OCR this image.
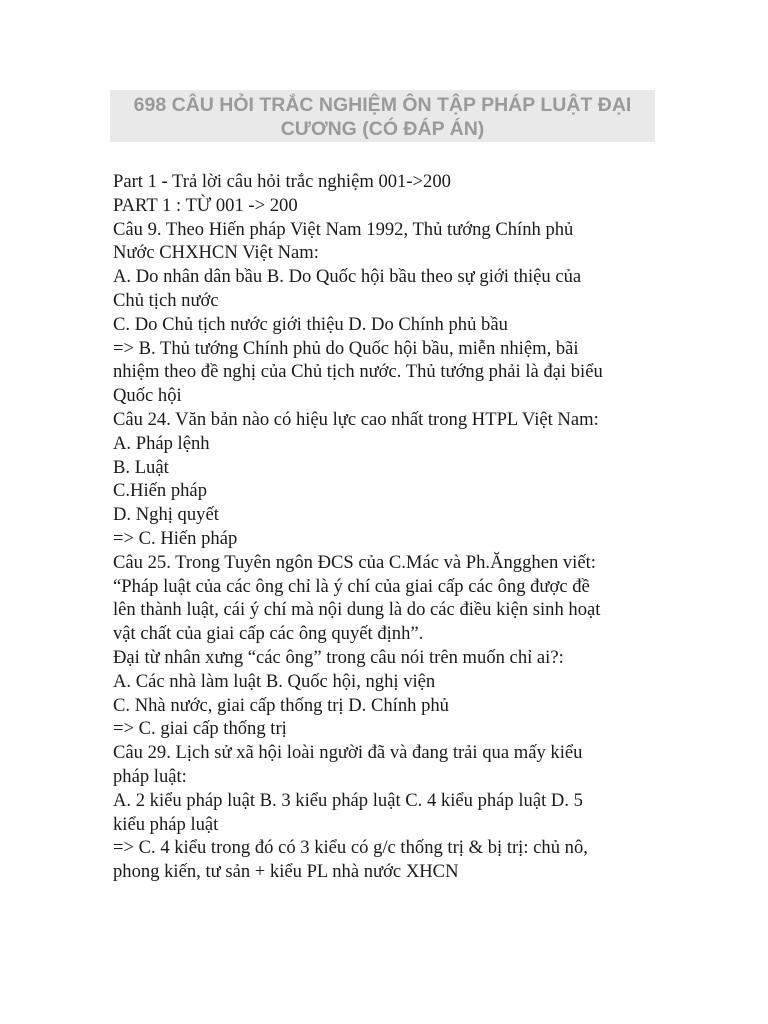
698 CÂU HỎI TRẮC NGHIỆM ÔN TẬP PHÁP LUẬT ĐẠI
CƯƠNG (CÓ ĐÁP ÁN)
Part 1 - Trả lời câu hỏi trắc nghiệm 001->200
PART 1 : TỪ 001 -> 200
Câu 9. Theo Hiến pháp Việt Nam 1992, Thủ tướng Chính phủ
Nước CHXHCN Việt Nam:
A. Do nhân dân bầu B. Do Quốc hội bầu theo sự giới thiệu của
Chủ tịch nước
C. Do Chủ tịch nước giới thiệu D. Do Chính phủ bầu
=> B. Thủ tướng Chính phủ do Quốc hội bầu, miễn nhiệm, bãi
nhiệm theo đề nghị của Chủ tịch nước. Thủ tướng phải là đại biểu
Quốc hội
Câu 24. Văn bản nào có hiệu lực cao nhất trong HTPL Việt Nam:
A. Pháp lệnh
B. Luật
C.Hiến pháp
D. Nghị quyết
=> C. Hiến pháp
Câu 25. Trong Tuyên ngôn ĐCS của C.Mác và Ph.Ăngghen viết:
“Pháp luật của các ông chỉ là ý chí của giai cấp các ông được đề
lên thành luật, cái ý chí mà nội dung là do các điều kiện sinh hoạt
vật chất của giai cấp các ông quyết định”.
Đại từ nhân xưng “các ông” trong câu nói trên muốn chỉ ai?:
A. Các nhà làm luật B. Quốc hội, nghị viện
C. Nhà nước, giai cấp thống trị D. Chính phủ
=> C. giai cấp thống trị
Câu 29. Lịch sử xã hội loài người đã và đang trải qua mấy kiểu
pháp luật:
A. 2 kiểu pháp luật B. 3 kiểu pháp luật C. 4 kiểu pháp luật D. 5
kiểu pháp luật
=> C. 4 kiểu trong đó có 3 kiểu có g/c thống trị & bị trị: chủ nô,
phong kiến, tư sản + kiểu PL nhà nước XHCN
